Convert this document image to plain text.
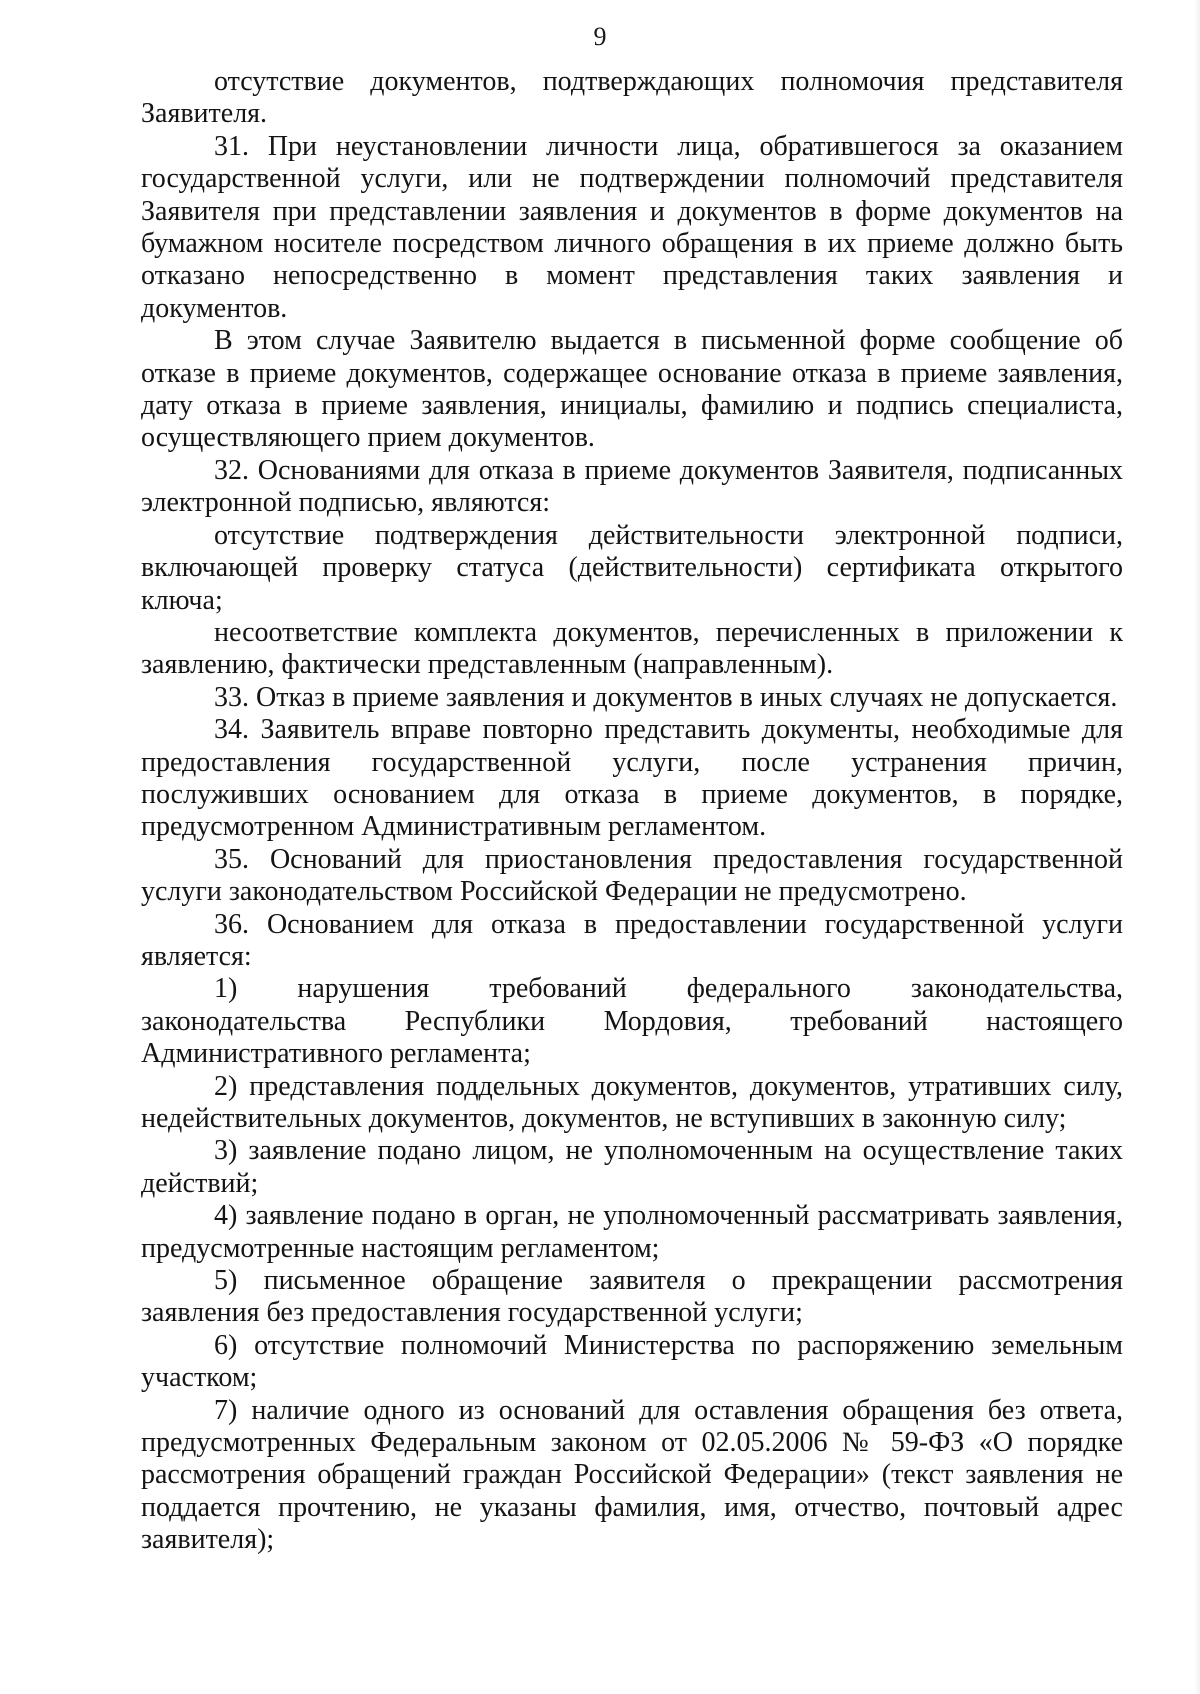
9

отсутствие документов, подтверждающих полномочия представителя Заявителя.

31. При неустановлении личности лица, обратившегося за оказанием государственной услуги, или не подтверждении полномочий представителя Заявителя при представлении заявления и документов в форме документов на бумажном носителе посредством личного обращения в их приеме должно быть отказано непосредственно в момент представления таких заявления и документов.

В этом случае Заявителю выдается в письменной форме сообщение об отказе в приеме документов, содержащее основание отказа в приеме заявления, дату отказа в приеме заявления, инициалы, фамилию и подпись специалиста, осуществляющего прием документов.

32. Основаниями для отказа в приеме документов Заявителя, подписанных электронной подписью, являются:

отсутствие подтверждения действительности электронной подписи, включающей проверку статуса (действительности) сертификата открытого ключа;

несоответствие комплекта документов, перечисленных в приложении к заявлению, фактически представленным (направленным).

33. Отказ в приеме заявления и документов в иных случаях не допускается.

34. Заявитель вправе повторно представить документы, необходимые для предоставления государственной услуги, после устранения причин, послуживших основанием для отказа в приеме документов, в порядке, предусмотренном Административным регламентом.

35. Оснований для приостановления предоставления государственной услуги законодательством Российской Федерации не предусмотрено.

36. Основанием для отказа в предоставлении государственной услуги является:

1) нарушения требований федерального законодательства, законодательства Республики Мордовия, требований настоящего Административного регламента;

2) представления поддельных документов, документов, утративших силу, недействительных документов, документов, не вступивших в законную силу;

3) заявление подано лицом, не уполномоченным на осуществление таких действий;

4) заявление подано в орган, не уполномоченный рассматривать заявления, предусмотренные настоящим регламентом;

5) письменное обращение заявителя о прекращении рассмотрения заявления без предоставления государственной услуги;

6) отсутствие полномочий Министерства по распоряжению земельным участком;

7) наличие одного из оснований для оставления обращения без ответа, предусмотренных Федеральным законом от 02.05.2006 № 59-ФЗ «О порядке рассмотрения обращений граждан Российской Федерации» (текст заявления не поддается прочтению, не указаны фамилия, имя, отчество, почтовый адрес заявителя);
